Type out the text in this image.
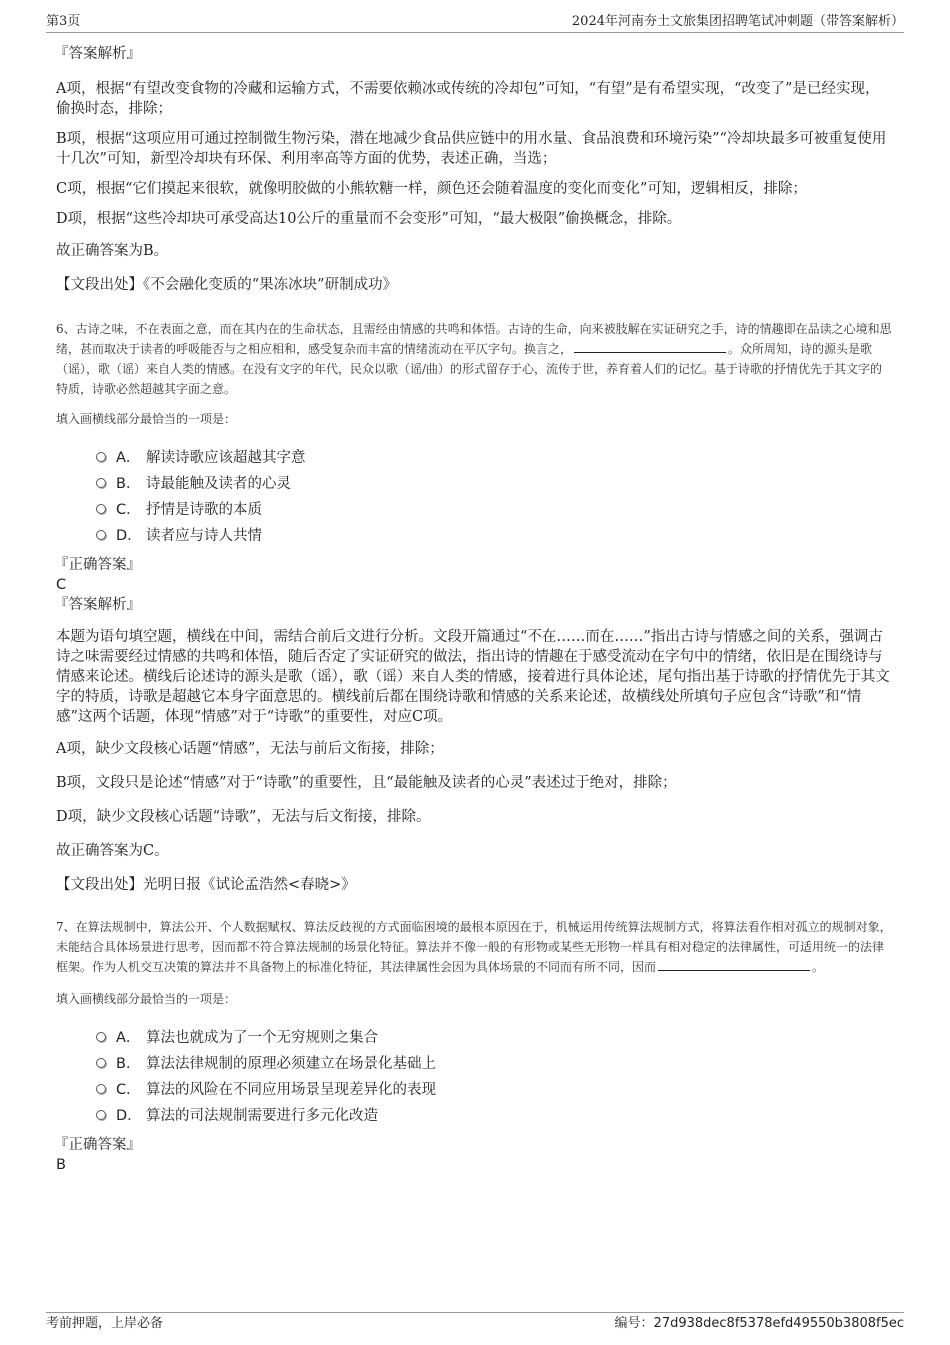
第3页	2024年河南夯土文旅集团招聘笔试冲刺题（带答案解析）
『答案解析』

A项，根据“有望改变食物的冷藏和运输方式，不需要依赖冰或传统的冷却包”可知，“有望”是有希望实现，“改变了”是已经实现，偷换时态，排除；

B项，根据“这项应用可通过控制微生物污染，潜在地减少食品供应链中的用水量、食品浪费和环境污染”“冷却块最多可被重复使用十几次”可知，新型冷却块有环保、利用率高等方面的优势，表述正确，当选；

C项，根据“它们摸起来很软，就像明胶做的小熊软糖一样，颜色还会随着温度的变化而变化”可知，逻辑相反，排除；

D项，根据“这些冷却块可承受高达10公斤的重量而不会变形”可知，“最大极限”偷换概念，排除。

故正确答案为B。

【文段出处】《不会融化变质的“果冻冰块”研制成功》

6、古诗之味，不在表面之意，而在其内在的生命状态，且需经由情感的共鸣和体悟。古诗的生命，向来被肢解在实证研究之手，诗的情趣即在品读之心境和思绪，甚而取决于读者的呼吸能否与之相应相和，感受复杂而丰富的情绪流动在平仄字句。换言之，	。众所周知，诗的源头是歌（谣），歌（谣）来自人类的情感。在没有文字的年代，民众以歌（谣/曲）的形式留存于心，流传于世，养育着人们的记忆。基于诗歌的抒情优先于其文字的特质，诗歌必然超越其字面之意。

填入画横线部分最恰当的一项是：

A． 解读诗歌应该超越其字意
B． 诗最能触及读者的心灵
C． 抒情是诗歌的本质
D． 读者应与诗人共情
『正确答案』
C
『答案解析』

本题为语句填空题，横线在中间，需结合前后文进行分析。文段开篇通过“不在……而在……”指出古诗与情感之间的关系，强调古诗之味需要经过情感的共鸣和体悟，随后否定了实证研究的做法，指出诗的情趣在于感受流动在字句中的情绪，依旧是在围绕诗与情感来论述。横线后论述诗的源头是歌（谣），歌（谣）来自人类的情感，接着进行具体论述，尾句指出基于诗歌的抒情优先于其文字的特质，诗歌是超越它本身字面意思的。横线前后都在围绕诗歌和情感的关系来论述，故横线处所填句子应包含“诗歌”和“情感”这两个话题，体现“情感”对于“诗歌”的重要性，对应C项。

A项，缺少文段核心话题“情感”，无法与前后文衔接，排除；

B项，文段只是论述“情感”对于“诗歌”的重要性，且“最能触及读者的心灵”表述过于绝对，排除；

D项，缺少文段核心话题“诗歌”，无法与后文衔接，排除。

故正确答案为C。

【文段出处】光明日报《试论孟浩然<春晓>》

7、在算法规制中，算法公开、个人数据赋权、算法反歧视的方式面临困境的最根本原因在于，机械运用传统算法规制方式，将算法看作相对孤立的规制对象，未能结合具体场景进行思考，因而都不符合算法规制的场景化特征。算法并不像一般的有形物或某些无形物一样具有相对稳定的法律属性，可适用统一的法律框架。作为人机交互决策的算法并不具备物上的标准化特征，其法律属性会因为具体场景的不同而有所不同，因而	。

填入画横线部分最恰当的一项是：

A． 算法也就成为了一个无穷规则之集合
B． 算法法律规制的原理必须建立在场景化基础上
C． 算法的风险在不同应用场景呈现差异化的表现
D． 算法的司法规制需要进行多元化改造
『正确答案』
B
考前押题，上岸必备	编号：27d938dec8f5378efd49550b3808f5ec
